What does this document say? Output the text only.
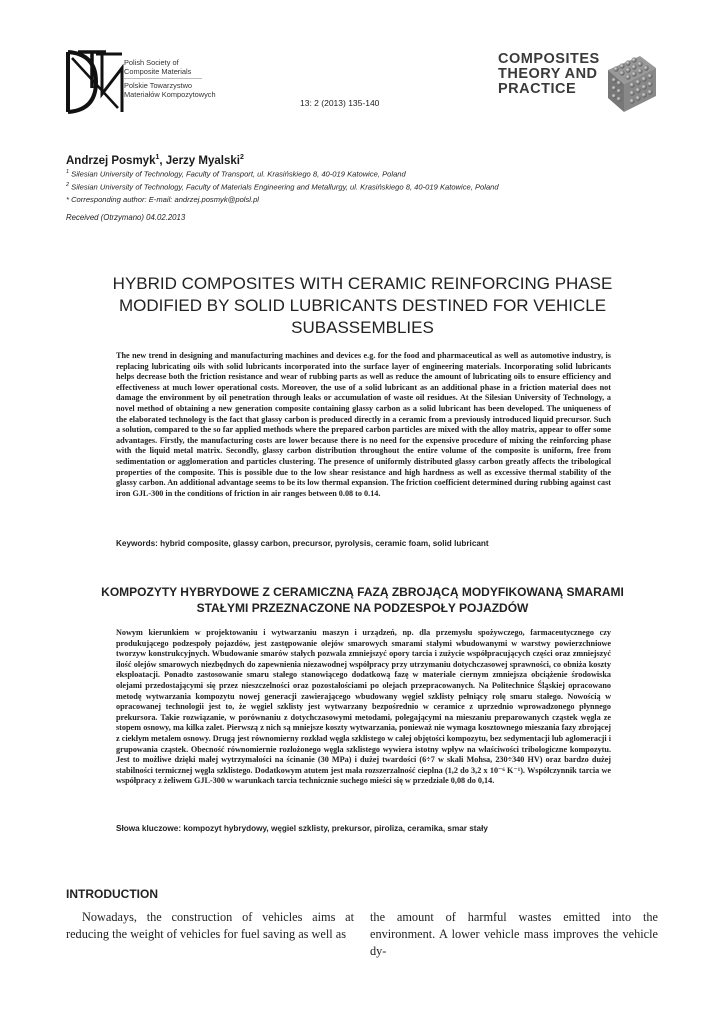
Polish Society of
Composite Materials
Polskie Towarzystwo
Materiałów Kompozytowych
13: 2 (2013) 135-140
COMPOSITES
THEORY AND
PRACTICE
Andrzej Posmyk$^1$, Jerzy Myalski$^2$
$^1$ Silesian University of Technology, Faculty of Transport, ul. Krasińskiego 8, 40-019 Katowice, Poland
$^2$ Silesian University of Technology, Faculty of Materials Engineering and Metallurgy, ul. Krasińskiego 8, 40-019 Katowice, Poland
* Corresponding author: E-mail: andrzej.posmyk@polsl.pl
Received (Otrzymano) 04.02.2013
HYBRID COMPOSITES WITH CERAMIC REINFORCING PHASE MODIFIED BY SOLID LUBRICANTS DESTINED FOR VEHICLE SUBASSEMBLIES
The new trend in designing and manufacturing machines and devices e.g. for the food and pharmaceutical as well as automotive industry, is replacing lubricating oils with solid lubricants incorporated into the surface layer of engineering materials. Incorporating solid lubricants helps decrease both the friction resistance and wear of rubbing parts as well as reduce the amount of lubricating oils to ensure efficiency and effectiveness at much lower operational costs. Moreover, the use of a solid lubricant as an additional phase in a friction material does not damage the environment by oil penetration through leaks or accumulation of waste oil residues. At the Silesian University of Technology, a novel method of obtaining a new generation composite containing glassy carbon as a solid lubricant has been developed. The uniqueness of the elaborated technology is the fact that glassy carbon is produced directly in a ceramic from a previously introduced liquid precursor. Such a solution, compared to the so far applied methods where the prepared carbon particles are mixed with the alloy matrix, appear to offer some advantages. Firstly, the manufacturing costs are lower because there is no need for the expensive procedure of mixing the reinforcing phase with the liquid metal matrix. Secondly, glassy carbon distribution throughout the entire volume of the composite is uniform, free from sedimentation or agglomeration and particles clustering. The presence of uniformly distributed glassy carbon greatly affects the tribological properties of the composite. This is possible due to the low shear resistance and high hardness as well as excessive thermal stability of the glassy carbon. An additional advantage seems to be its low thermal expansion. The friction coefficient determined during rubbing against cast iron GJL-300 in the conditions of friction in air ranges between 0.08 to 0.14.
Keywords: hybrid composite, glassy carbon, precursor, pyrolysis, ceramic foam, solid lubricant
KOMPOZYTY HYBRYDOWE Z CERAMICZNĄ FAZĄ ZBROJĄCĄ MODYFIKOWANĄ SMARAMI STAŁYMI PRZEZNACZONE NA PODZESPOŁY POJAZDÓW
Nowym kierunkiem w projektowaniu i wytwarzaniu maszyn i urządzeń, np. dla przemysłu spożywczego, farmaceutycznego czy produkującego podzespoły pojazdów, jest zastępowanie olejów smarowych smarami stałymi wbudowanymi w warstwy powierzchniowe tworzyw konstrukcyjnych. Wbudowanie smarów stałych pozwala zmniejszyć opory tarcia i zużycie współpracujących części oraz zmniejszyć ilość olejów smarowych niezbędnych do zapewnienia niezawodnej współpracy przy utrzymaniu dotychczasowej sprawności, co obniża koszty eksploatacji. Ponadto zastosowanie smaru stałego stanowiącego dodatkową fazę w materiale ciernym zmniejsza obciążenie środowiska olejami przedostającymi się przez nieszczelności oraz pozostałościami po olejach przepracowanych. Na Politechnice Śląskiej opracowano metodę wytwarzania kompozytu nowej generacji zawierającego wbudowany węgiel szklisty pełniący rolę smaru stałego. Nowością w opracowanej technologii jest to, że węgiel szklisty jest wytwarzany bezpośrednio w ceramice z uprzednio wprowadzonego płynnego prekursora. Takie rozwiązanie, w porównaniu z dotychczasowymi metodami, polegającymi na mieszaniu preparowanych cząstek węgla ze stopem osnowy, ma kilka zalet. Pierwszą z nich są mniejsze koszty wytwarzania, ponieważ nie wymaga kosztownego mieszania fazy zbrojącej z ciekłym metalem osnowy. Drugą jest równomierny rozkład węgla szklistego w całej objętości kompozytu, bez sedymentacji lub aglomeracji i grupowania cząstek. Obecność równomiernie rozłożonego węgla szklistego wywiera istotny wpływ na właściwości tribologiczne kompozytu. Jest to możliwe dzięki małej wytrzymałości na ścinanie (30 MPa) i dużej twardości (6÷7 w skali Mohsa, 230÷340 HV) oraz bardzo dużej stabilności termicznej węgla szklistego. Dodatkowym atutem jest mała rozszerzalność cieplna (1,2 do 3,2 x 10⁻⁶ K⁻¹). Współczynnik tarcia we współpracy z żeliwem GJL-300 w warunkach tarcia technicznie suchego mieści się w przedziale 0,08 do 0,14.
Słowa kluczowe: kompozyt hybrydowy, węgiel szklisty, prekursor, piroliza, ceramika, smar stały
INTRODUCTION
Nowadays, the construction of vehicles aims at reducing the weight of vehicles for fuel saving as well as
the amount of harmful wastes emitted into the environment. A lower vehicle mass improves the vehicle dy-
